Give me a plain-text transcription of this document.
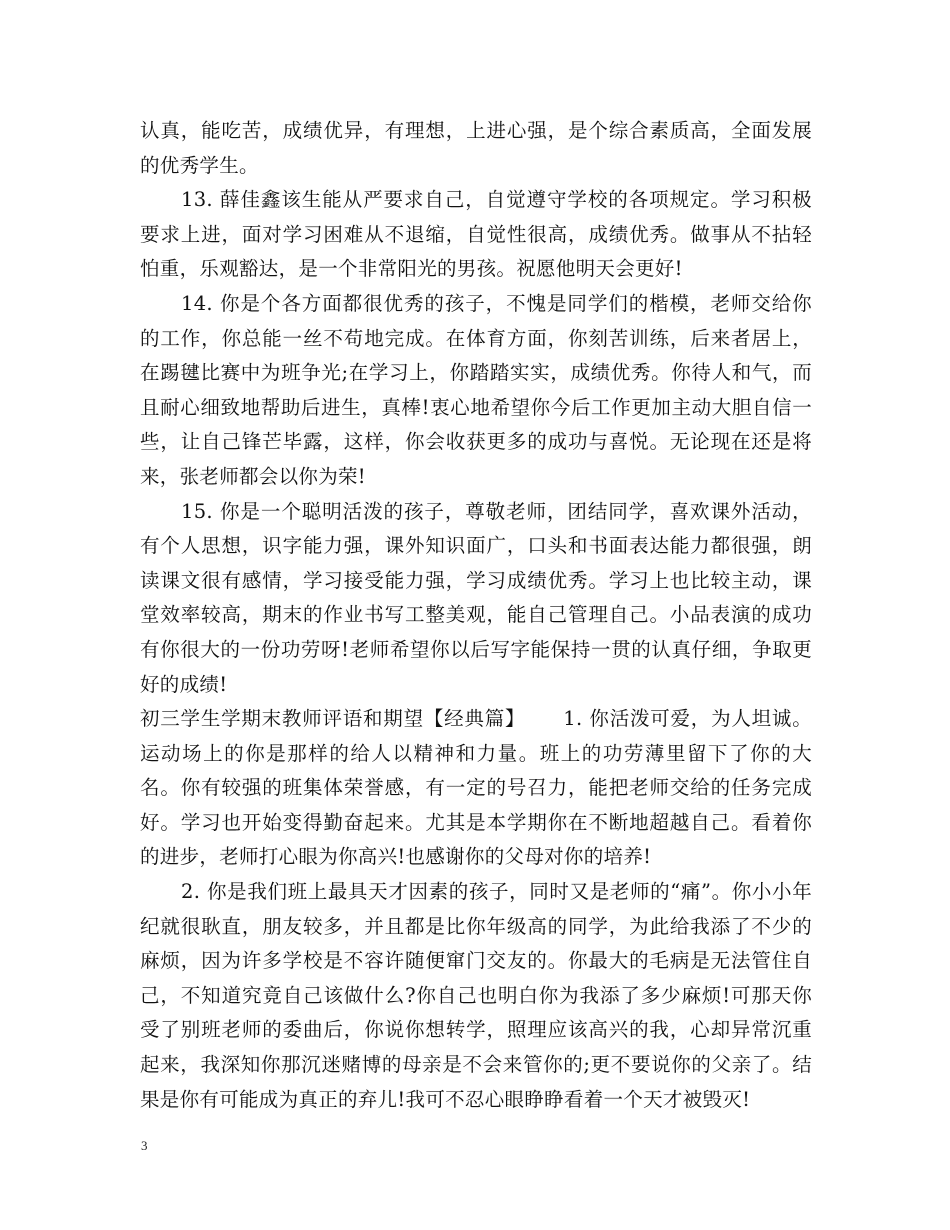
认真，能吃苦，成绩优异，有理想，上进心强，是个综合素质高，全面发展的优秀学生。

13. 薛佳鑫该生能从严要求自己，自觉遵守学校的各项规定。学习积极要求上进，面对学习困难从不退缩，自觉性很高，成绩优秀。做事从不拈轻怕重，乐观豁达，是一个非常阳光的男孩。祝愿他明天会更好!

14. 你是个各方面都很优秀的孩子，不愧是同学们的楷模，老师交给你的工作，你总能一丝不苟地完成。在体育方面，你刻苦训练，后来者居上，在踢毽比赛中为班争光;在学习上，你踏踏实实，成绩优秀。你待人和气，而且耐心细致地帮助后进生，真棒!衷心地希望你今后工作更加主动大胆自信一些，让自己锋芒毕露，这样，你会收获更多的成功与喜悦。无论现在还是将来，张老师都会以你为荣!

15. 你是一个聪明活泼的孩子，尊敬老师，团结同学，喜欢课外活动，有个人思想，识字能力强，课外知识面广，口头和书面表达能力都很强，朗读课文很有感情，学习接受能力强，学习成绩优秀。学习上也比较主动，课堂效率较高，期末的作业书写工整美观，能自己管理自己。小品表演的成功有你很大的一份功劳呀!老师希望你以后写字能保持一贯的认真仔细，争取更好的成绩!

初三学生学期末教师评语和期望【经典篇】 1. 你活泼可爱，为人坦诚。运动场上的你是那样的给人以精神和力量。班上的功劳薄里留下了你的大名。你有较强的班集体荣誉感，有一定的号召力，能把老师交给的任务完成好。学习也开始变得勤奋起来。尤其是本学期你在不断地超越自己。看着你的进步，老师打心眼为你高兴!也感谢你的父母对你的培养!

2. 你是我们班上最具天才因素的孩子，同时又是老师的“痛”。你小小年纪就很耿直，朋友较多，并且都是比你年级高的同学，为此给我添了不少的麻烦，因为许多学校是不容许随便窜门交友的。你最大的毛病是无法管住自己，不知道究竟自己该做什么?你自己也明白你为我添了多少麻烦!可那天你受了别班老师的委曲后，你说你想转学，照理应该高兴的我，心却异常沉重起来，我深知你那沉迷赌博的母亲是不会来管你的;更不要说你的父亲了。结果是你有可能成为真正的弃儿!我可不忍心眼睁睁看着一个天才被毁灭!

3
